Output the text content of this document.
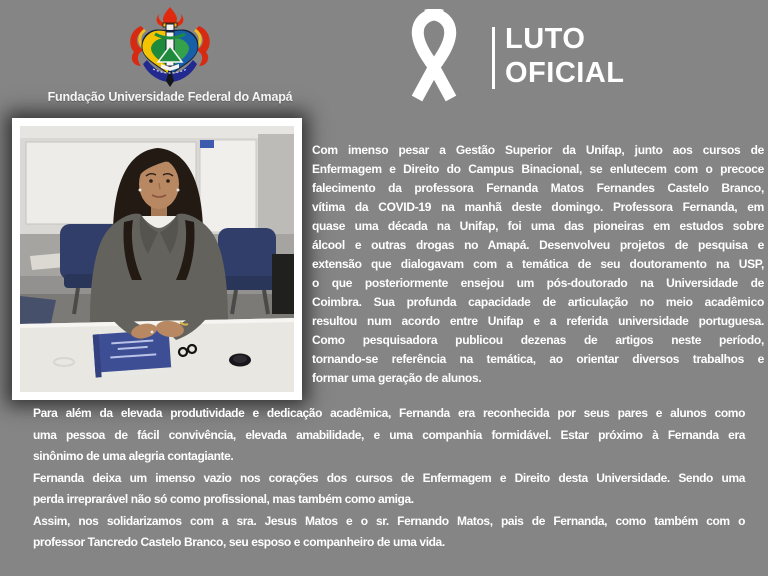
Fundação Universidade Federal do Amapá
LUTO
OFICIAL
Com imenso pesar a Gestão Superior da Unifap, junto aos cursos de
Enfermagem e Direito do Campus Binacional, se enlutecem com o precoce
falecimento da professora Fernanda Matos Fernandes Castelo Branco,
vítima da COVID-19 na manhã deste domingo. Professora Fernanda, em
quase uma década na Unifap, foi uma das pioneiras em estudos sobre
álcool e outras drogas no Amapá. Desenvolveu projetos de pesquisa e
extensão que dialogavam com a temática de seu doutoramento na USP,
o que posteriormente ensejou um pós-doutorado na Universidade de
Coimbra. Sua profunda capacidade de articulação no meio acadêmico
resultou num acordo entre Unifap e a referida universidade portuguesa.
Como pesquisadora publicou dezenas de artigos neste período,
tornando-se referência na temática, ao orientar diversos trabalhos e
formar uma geração de alunos.
Para além da elevada produtividade e dedicação acadêmica, Fernanda era reconhecida por seus pares e alunos como
uma pessoa de fácil convivência, elevada amabilidade, e uma companhia formidável. Estar próximo à Fernanda era
sinônimo de uma alegria contagiante.
Fernanda deixa um imenso vazio nos corações dos cursos de Enfermagem e Direito desta Universidade. Sendo uma
perda irreprarável não só como profissional, mas também como amiga.
Assim, nos solidarizamos com a sra. Jesus Matos e o sr. Fernando Matos, pais de Fernanda, como também com o
professor Tancredo Castelo Branco, seu esposo e companheiro de uma vida.
